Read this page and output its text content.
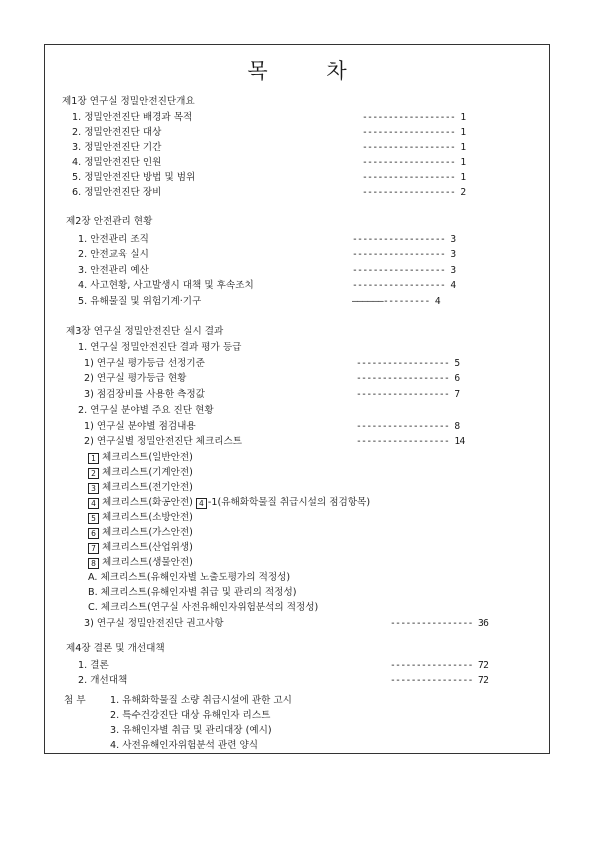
목 차
제1장 연구실 정밀안전진단개요
1. 정밀안전진단 배경과 목적	------------------ 1
2. 정밀안전진단 대상	------------------ 1
3. 정밀안전진단 기간	------------------ 1
4. 정밀안전진단 인원	------------------ 1
5. 정밀안전진단 방법 및 범위	------------------ 1
6. 정밀안전진단 장비	------------------ 2
제2장 안전관리 현황
1. 안전관리 조직	------------------ 3
2. 안전교육 실시	------------------ 3
3. 안전관리 예산	------------------ 3
4. 사고현황, 사고발생시 대책 및 후속조치	------------------ 4
5. 유해물질 및 위험기계·기구	——————--------- 4
제3장 연구실 정밀안전진단 실시 결과
1. 연구실 정밀안전진단 결과 평가 등급
1) 연구실 평가등급 선정기준	------------------ 5
2) 연구실 평가등급 현황	------------------ 6
3) 점검장비를 사용한 측정값	------------------ 7
2. 연구실 분야별 주요 진단 현황
1) 연구실 분야별 점검내용	------------------ 8
2) 연구실별 정밀안전진단 체크리스트	------------------ 14
1 체크리스트(일반안전)
2 체크리스트(기계안전)
3 체크리스트(전기안전)
4 체크리스트(화공안전) 4 -1(유해화학물질 취급시설의 점검항목)
5 체크리스트(소방안전)
6 체크리스트(가스안전)
7 체크리스트(산업위생)
8 체크리스트(생물안전)
A. 체크리스트(유해인자별 노출도평가의 적정성)
B. 체크리스트(유해인자별 취급 및 관리의 적정성)
C. 체크리스트(연구실 사전유해인자위험분석의 적정성)
3) 연구실 정밀안전진단 권고사항	---------------- 36
제4장 결론 및 개선대책
1. 결론	---------------- 72
2. 개선대책	---------------- 72
첨 부	1. 유해화학물질 소량 취급시설에 관한 고시
2. 특수건강진단 대상 유해인자 리스트
3. 유해인자별 취급 및 관리대장 (예시)
4. 사전유해인자위험분석 관련 양식
